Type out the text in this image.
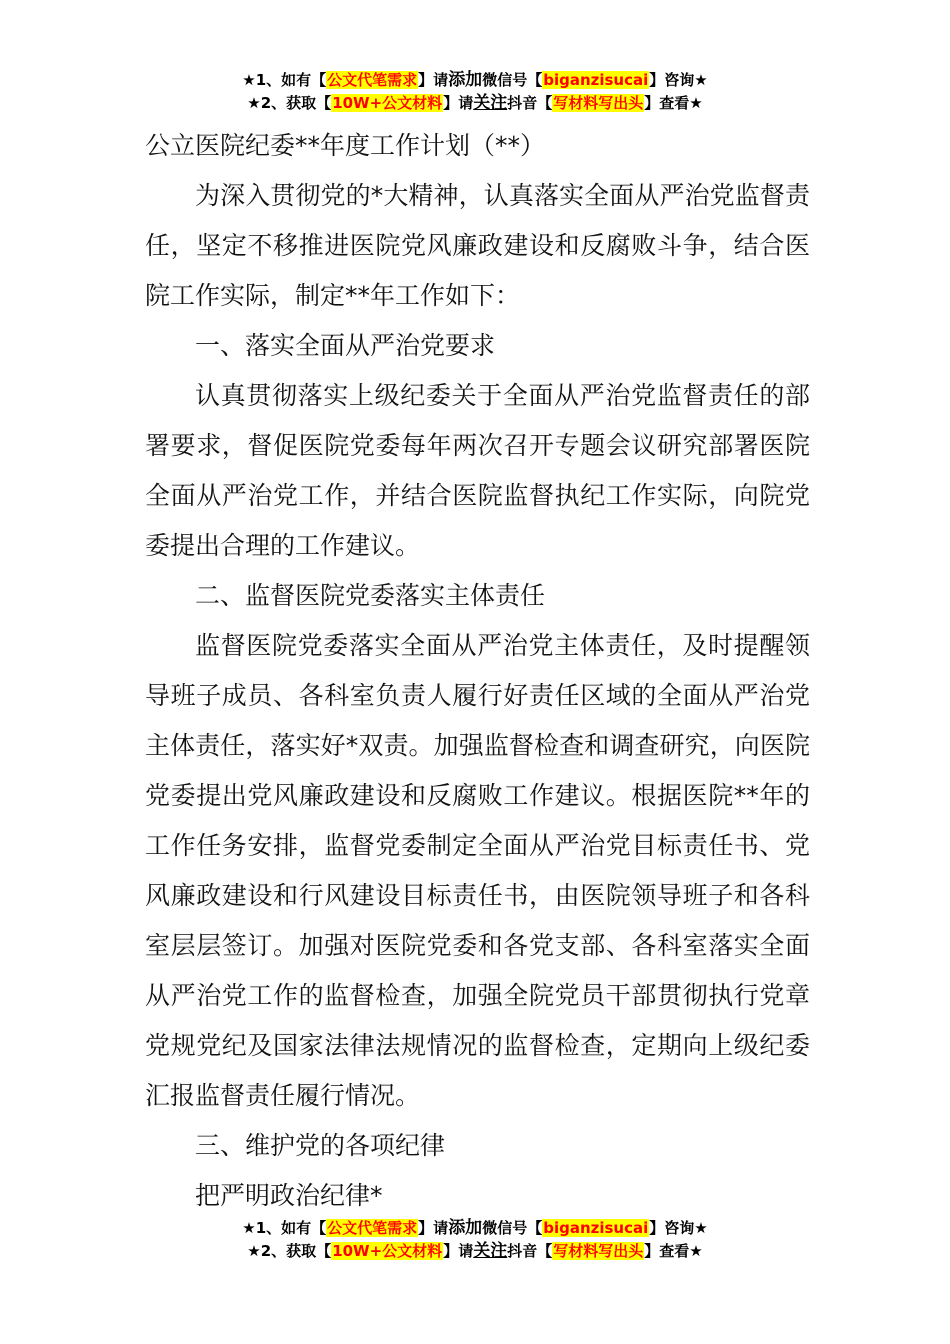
★1、如有【公文代笔需求】请添加微信号【biganzisucai】咨询★
★2、获取【10W+公文材料】请关注抖音【写材料写出头】查看★

公立医院纪委**年度工作计划（**）

为深入贯彻党的*大精神，认真落实全面从严治党监督责任，坚定不移推进医院党风廉政建设和反腐败斗争，结合医院工作实际，制定**年工作如下：

一、落实全面从严治党要求

认真贯彻落实上级纪委关于全面从严治党监督责任的部署要求，督促医院党委每年两次召开专题会议研究部署医院全面从严治党工作，并结合医院监督执纪工作实际，向院党委提出合理的工作建议。

二、监督医院党委落实主体责任

监督医院党委落实全面从严治党主体责任，及时提醒领导班子成员、各科室负责人履行好责任区域的全面从严治党主体责任，落实好*双责。加强监督检查和调查研究，向医院党委提出党风廉政建设和反腐败工作建议。根据医院**年的工作任务安排，监督党委制定全面从严治党目标责任书、党风廉政建设和行风建设目标责任书，由医院领导班子和各科室层层签订。加强对医院党委和各党支部、各科室落实全面从严治党工作的监督检查，加强全院党员干部贯彻执行党章党规党纪及国家法律法规情况的监督检查，定期向上级纪委汇报监督责任履行情况。

三、维护党的各项纪律

把严明政治纪律*

★1、如有【公文代笔需求】请添加微信号【biganzisucai】咨询★
★2、获取【10W+公文材料】请关注抖音【写材料写出头】查看★
